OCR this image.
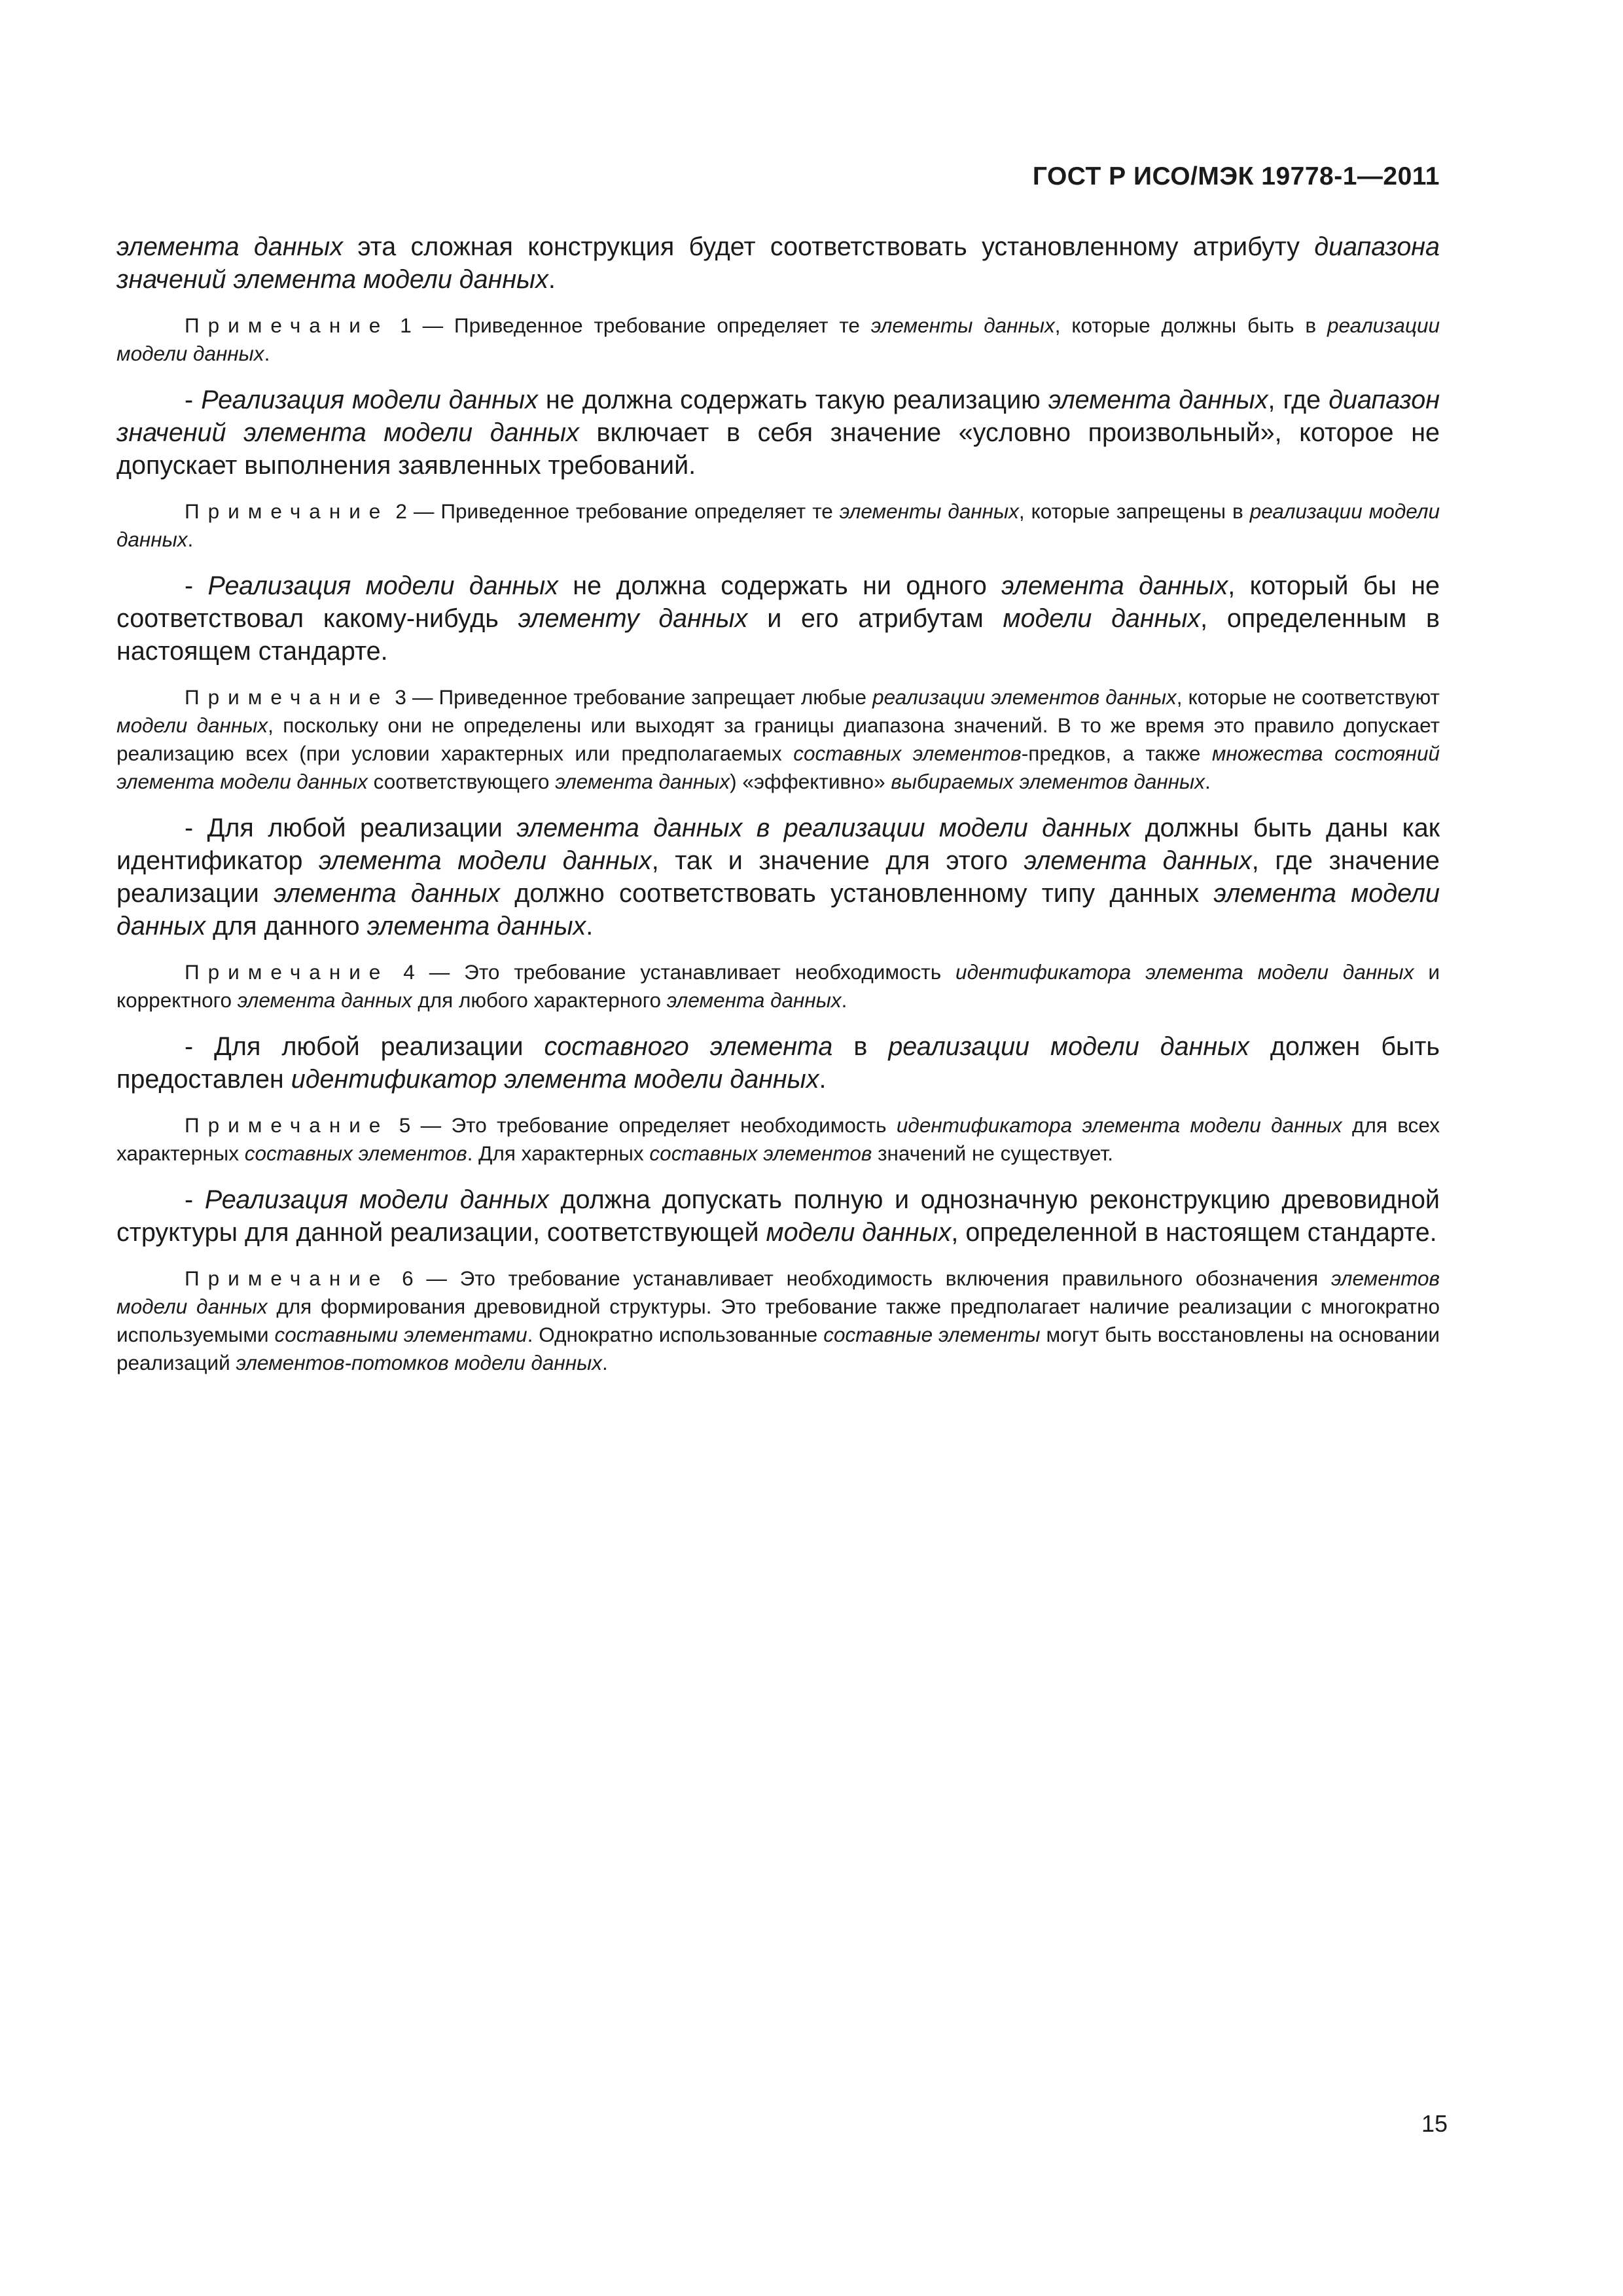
ГОСТ Р ИСО/МЭК 19778-1—2011

элемента данных эта сложная конструкция будет соответствовать установленному атрибуту диапазона значений элемента модели данных.

Примечание 1 — Приведенное требование определяет те элементы данных, которые должны быть в реализации модели данных.

- Реализация модели данных не должна содержать такую реализацию элемента данных, где диапазон значений элемента модели данных включает в себя значение «условно произвольный», которое не допускает выполнения заявленных требований.

Примечание 2 — Приведенное требование определяет те элементы данных, которые запрещены в реализации модели данных.

- Реализация модели данных не должна содержать ни одного элемента данных, который бы не соответствовал какому-нибудь элементу данных и его атрибутам модели данных, определенным в настоящем стандарте.

Примечание 3 — Приведенное требование запрещает любые реализации элементов данных, которые не соответствуют модели данных, поскольку они не определены или выходят за границы диапазона значений. В то же время это правило допускает реализацию всех (при условии характерных или предполагаемых составных элементов-предков, а также множества состояний элемента модели данных соответствующего элемента данных) «эффективно» выбираемых элементов данных.

- Для любой реализации элемента данных в реализации модели данных должны быть даны как идентификатор элемента модели данных, так и значение для этого элемента данных, где значение реализации элемента данных должно соответствовать установленному типу данных элемента модели данных для данного элемента данных.

Примечание 4 — Это требование устанавливает необходимость идентификатора элемента модели данных и корректного элемента данных для любого характерного элемента данных.

- Для любой реализации составного элемента в реализации модели данных должен быть предоставлен идентификатор элемента модели данных.

Примечание 5 — Это требование определяет необходимость идентификатора элемента модели данных для всех характерных составных элементов. Для характерных составных элементов значений не существует.

- Реализация модели данных должна допускать полную и однозначную реконструкцию древовидной структуры для данной реализации, соответствующей модели данных, определенной в настоящем стандарте.

Примечание 6 — Это требование устанавливает необходимость включения правильного обозначения элементов модели данных для формирования древовидной структуры. Это требование также предполагает наличие реализации с многократно используемыми составными элементами. Однократно использованные составные элементы могут быть восстановлены на основании реализаций элементов-потомков модели данных.

15
